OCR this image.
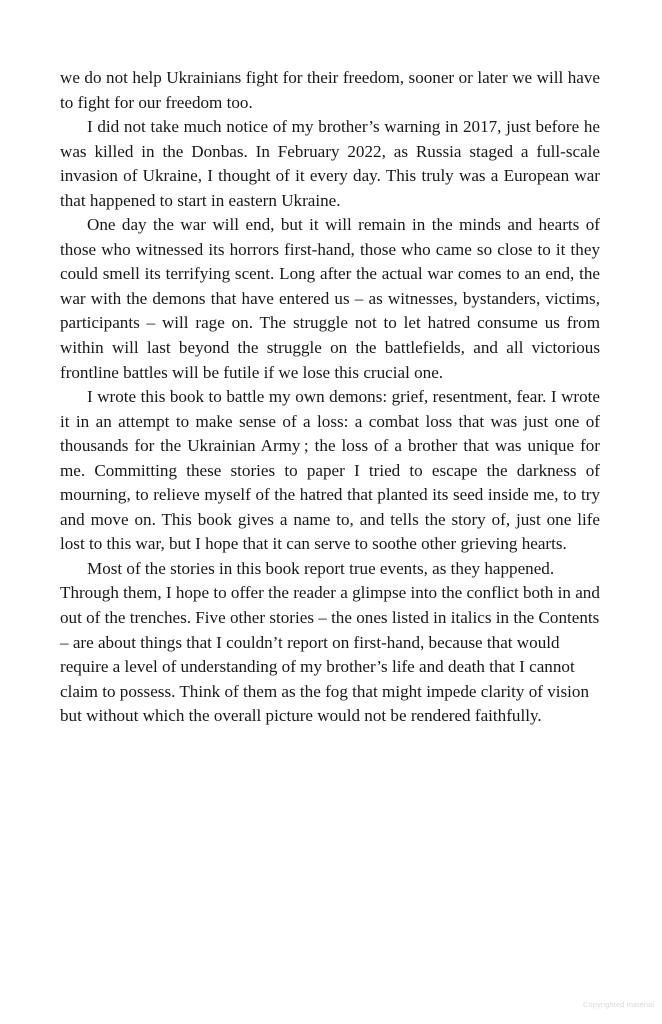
we do not help Ukrainians fight for their freedom, sooner or later we will have to fight for our freedom too.

I did not take much notice of my brother’s warning in 2017, just before he was killed in the Donbas. In February 2022, as Russia staged a full-scale invasion of Ukraine, I thought of it every day. This truly was a European war that happened to start in eastern Ukraine.

One day the war will end, but it will remain in the minds and hearts of those who witnessed its horrors first-hand, those who came so close to it they could smell its terrifying scent. Long after the actual war comes to an end, the war with the demons that have entered us – as witnesses, bystanders, victims, participants – will rage on. The struggle not to let hatred consume us from within will last beyond the struggle on the battlefields, and all victorious frontline battles will be futile if we lose this crucial one.

I wrote this book to battle my own demons: grief, resentment, fear. I wrote it in an attempt to make sense of a loss: a combat loss that was just one of thousands for the Ukrainian Army ; the loss of a brother that was unique for me. Committing these stories to paper I tried to escape the darkness of mourning, to relieve myself of the hatred that planted its seed inside me, to try and move on. This book gives a name to, and tells the story of, just one life lost to this war, but I hope that it can serve to soothe other grieving hearts.

Most of the stories in this book report true events, as they happened. Through them, I hope to offer the reader a glimpse into the conflict both in and out of the trenches. Five other stories – the ones listed in italics in the Contents – are about things that I couldn’t report on first-hand, because that would require a level of understanding of my brother’s life and death that I cannot claim to possess. Think of them as the fog that might impede clarity of vision but without which the overall picture would not be rendered faithfully.

Copyrighted material
